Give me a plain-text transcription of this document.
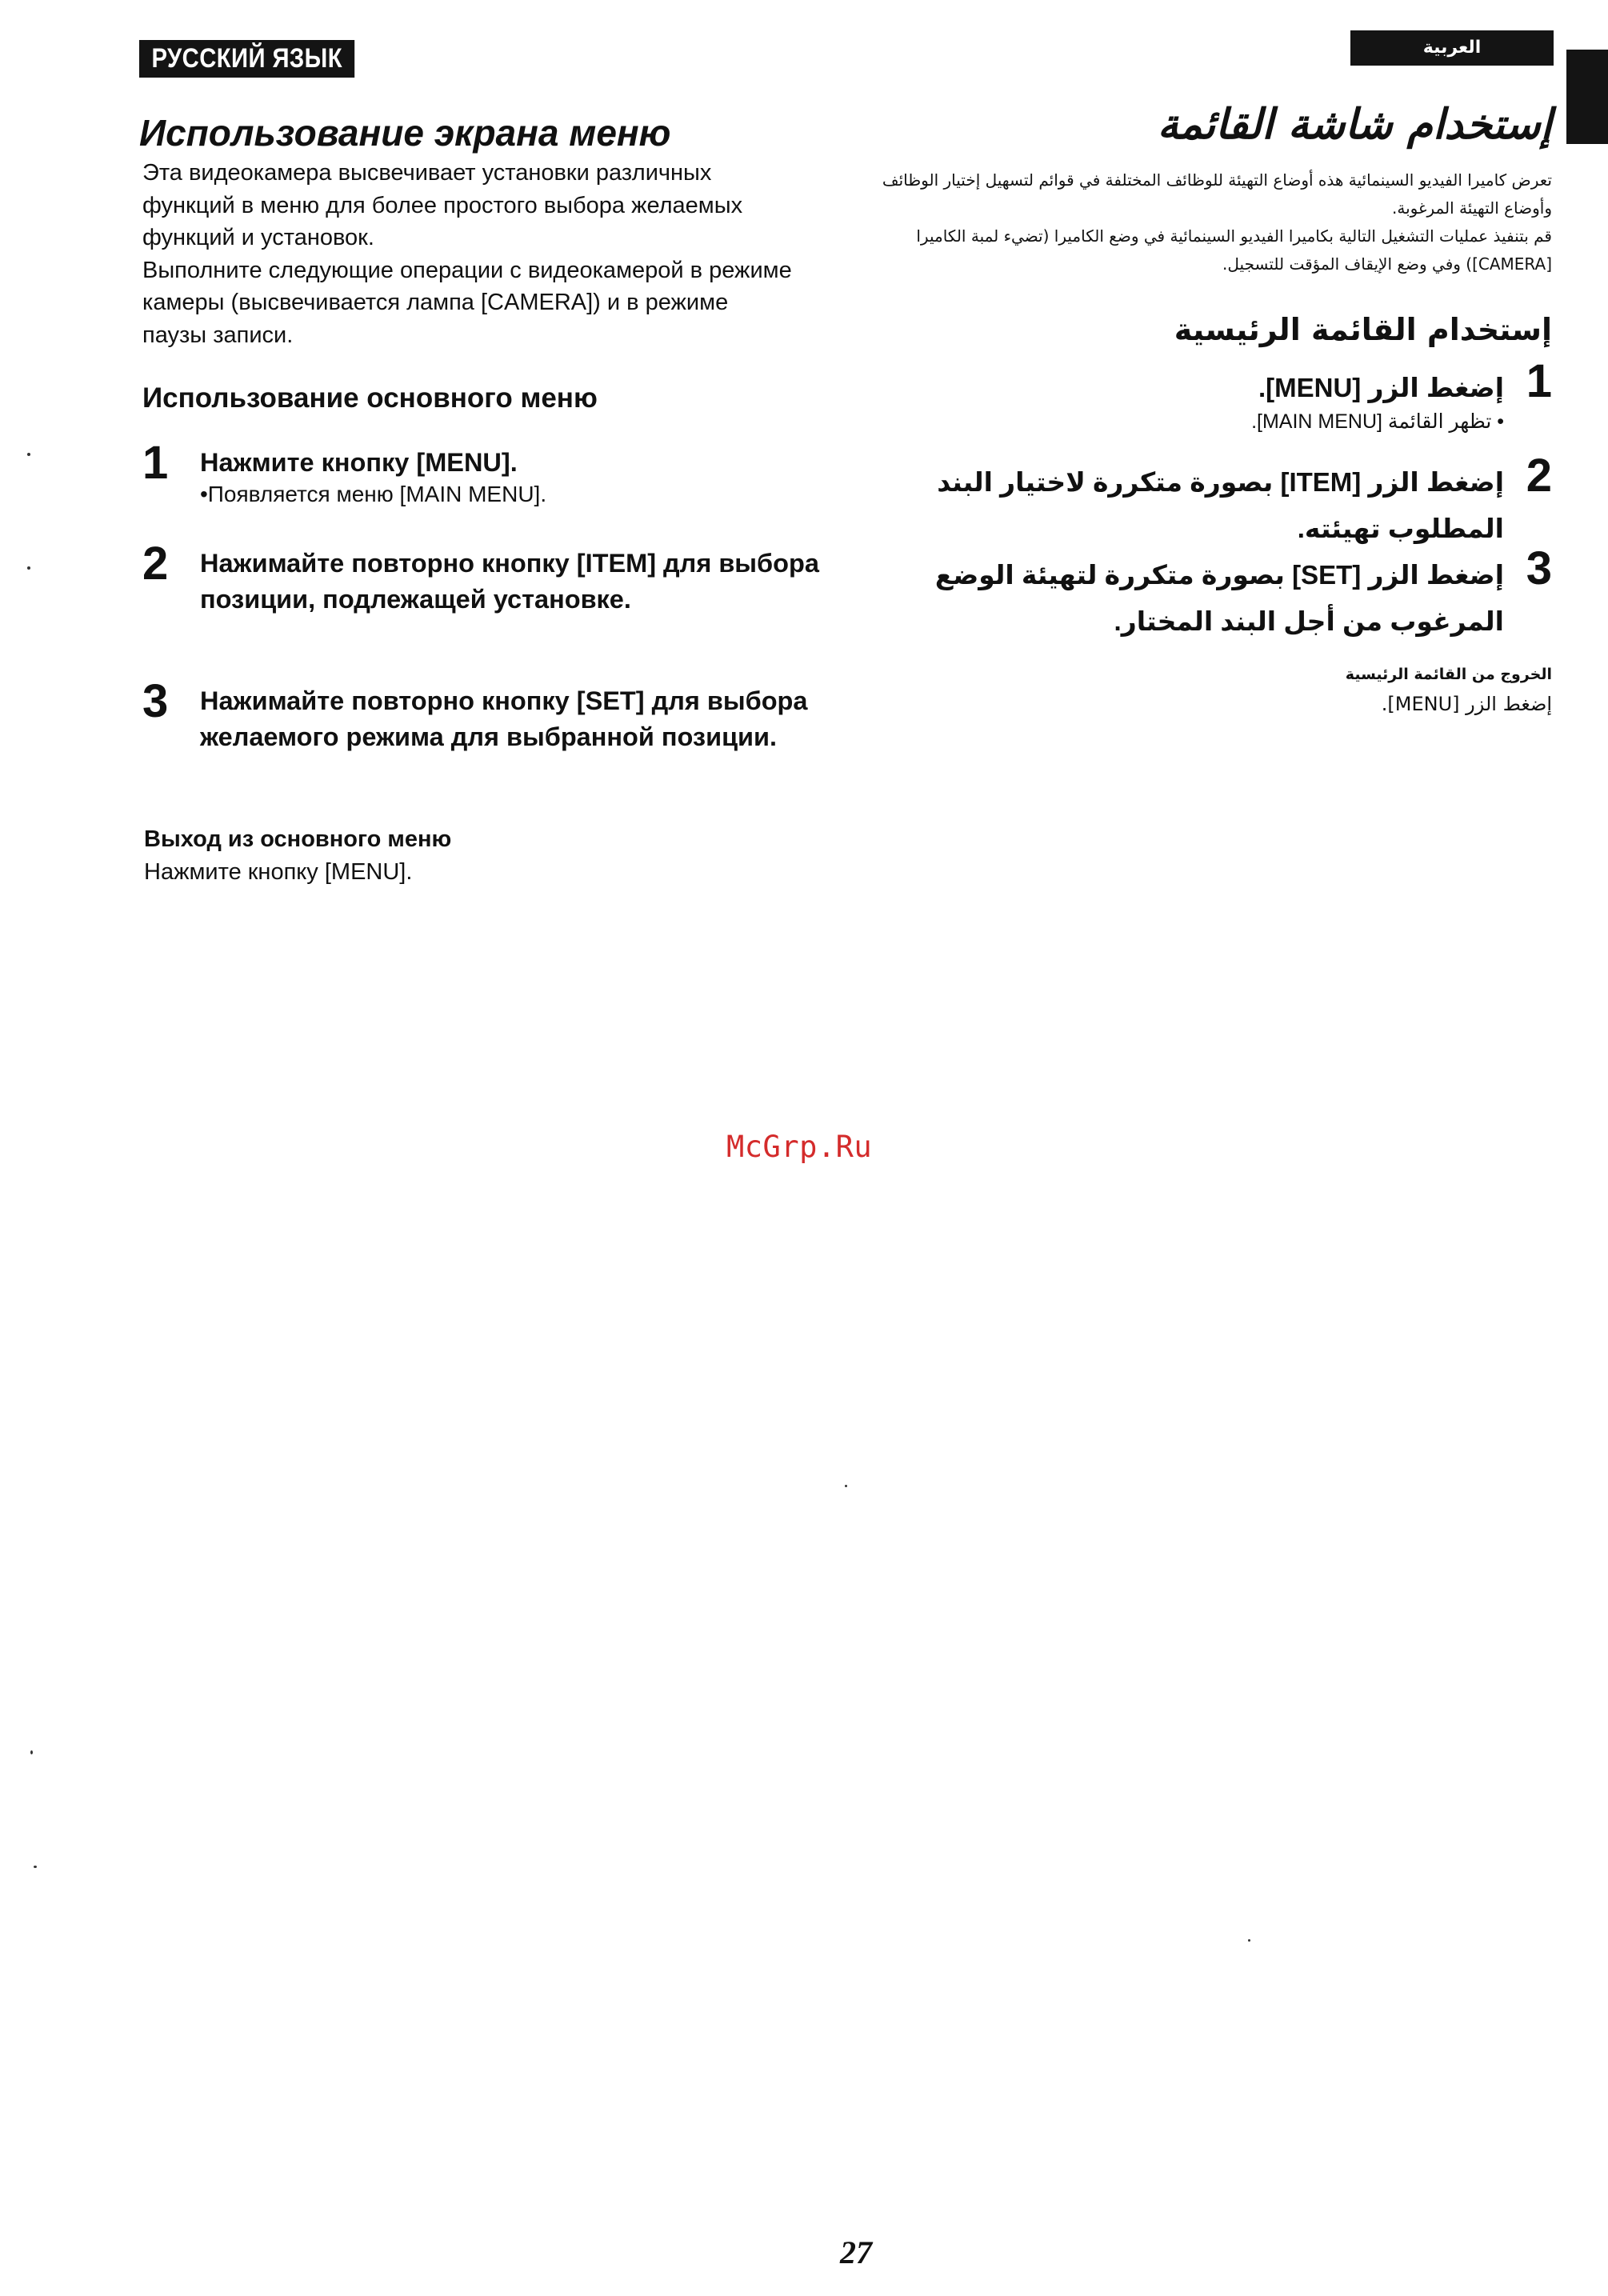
РУССКИЙ ЯЗЫК
Использование экрана меню

Эта видеокамера высвечивает установки различных функций в меню для более простого выбора желаемых функций и установок.

Выполните следующие операции с видеокамерой в режиме камеры (высвечивается лампа [CAMERA]) и в режиме паузы записи.

Использование основного меню
1 Нажмите кнопку [MENU].
•Появляется меню [MAIN MENU].
2 Нажимайте повторно кнопку [ITEM] для выбора позиции, подлежащей установке.
3 Нажимайте повторно кнопку [SET] для выбора желаемого режима для выбранной позиции.
Выход из основного меню
Нажмите кнопку [MENU].
العربية
إستخدام شاشة القائمة

تعرض كاميرا الفيديو السينمائية هذه أوضاع التهيئة للوظائف المختلفة في قوائم لتسهيل إختيار الوظائف وأوضاع التهيئة المرغوبة.

قم بتنفيذ عمليات التشغيل التالية بكاميرا الفيديو السينمائية في وضع الكاميرا (تضيء لمبة الكاميرا [CAMERA]) وفي وضع الإيقاف المؤقت للتسجيل.

إستخدام القائمة الرئيسية
1
إضغط الزر [MENU].
• تظهر القائمة [MAIN MENU].
2
إضغط الزر [ITEM] بصورة متكررة لاختيار البند المطلوب تهيئته.
3
إضغط الزر [SET] بصورة متكررة لتهيئة الوضع المرغوب من أجل البند المختار.
الخروج من القائمة الرئيسية
إضغط الزر [MENU].
McGrp.Ru
27
